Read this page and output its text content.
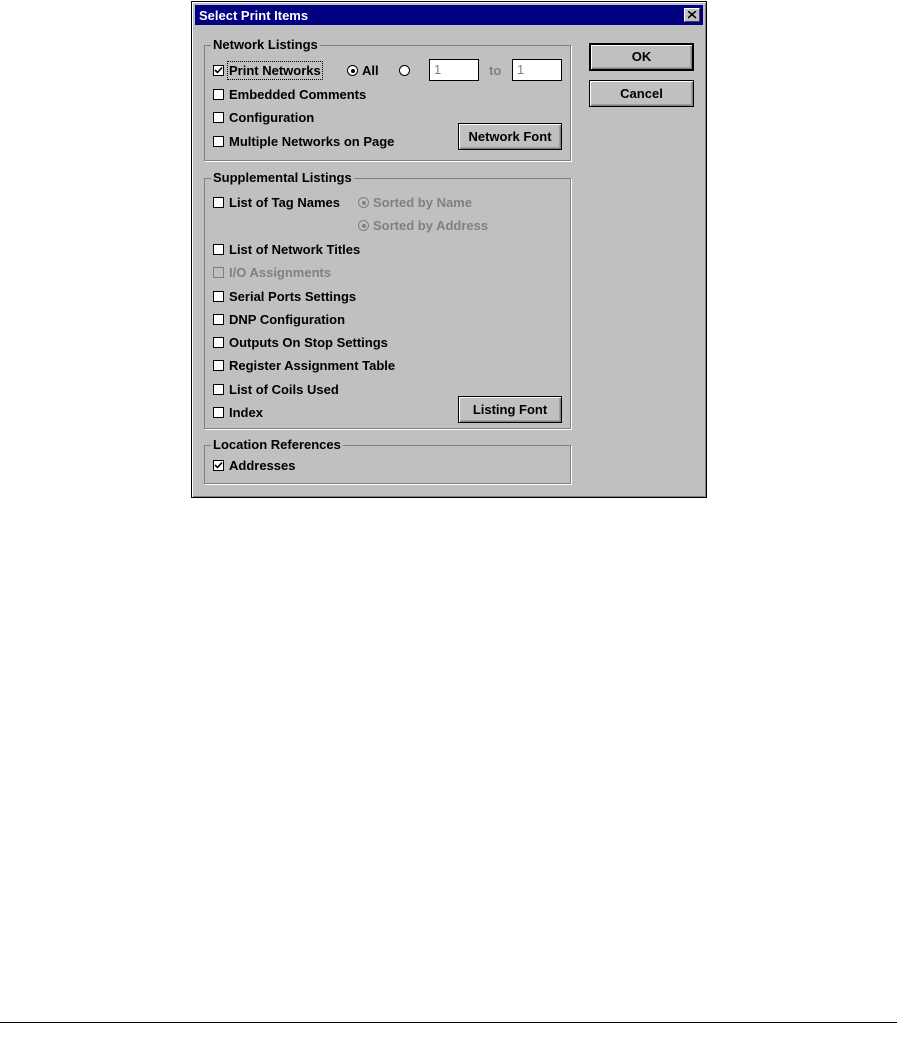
Select Print Items
Network Listings
Print Networks	All	1	to	1
Embedded Comments
Configuration
Multiple Networks on Page	Network Font
Supplemental Listings
List of Tag Names	Sorted by Name
Sorted by Address
List of Network Titles
I/O Assignments
Serial Ports Settings
DNP Configuration
Outputs On Stop Settings
Register Assignment Table
List of Coils Used
Index	Listing Font
Location References
Addresses
OK
Cancel
